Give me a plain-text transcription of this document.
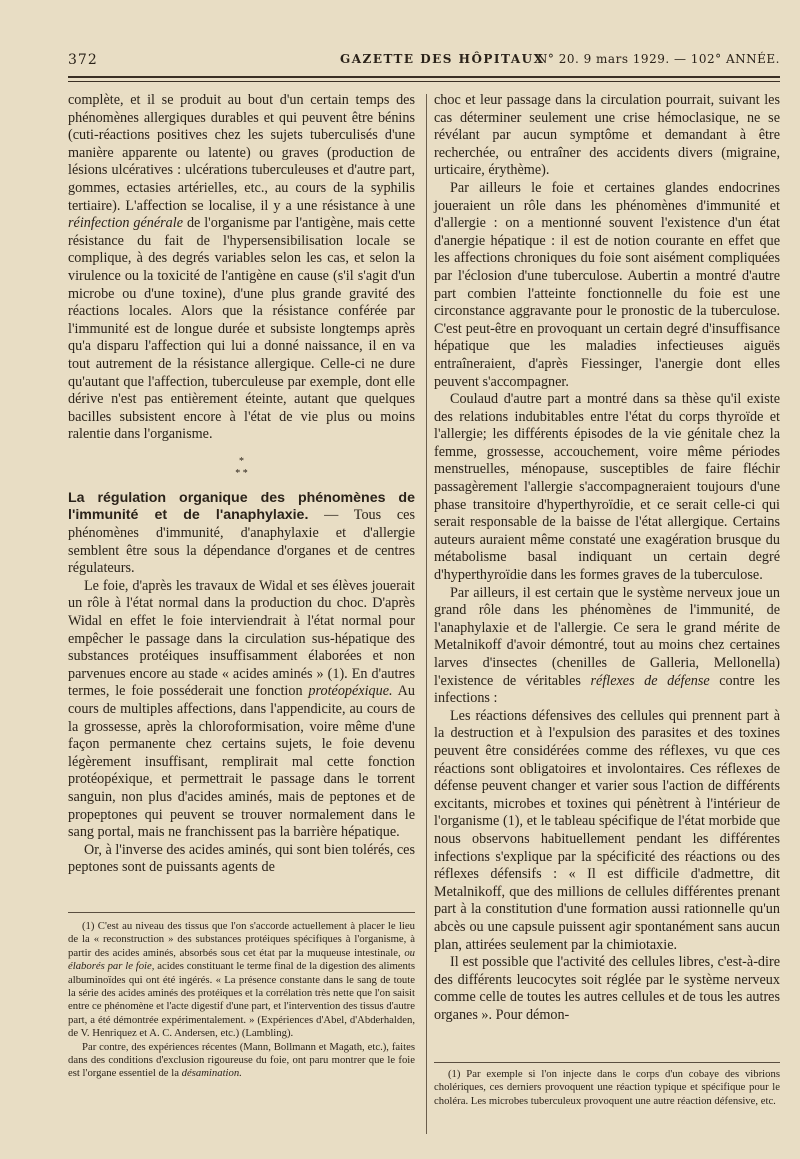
372	GAZETTE DES HÔPITAUX
N° 20. 9 mars 1929. — 102° ANNÉE.

complète, et il se produit au bout d'un certain temps des phénomènes allergiques durables et qui peuvent être bénins (cuti-réactions positives chez les sujets tuberculisés d'une manière apparente ou latente) ou graves (production de lésions ulcératives : ulcérations tuberculeuses et d'autre part, gommes, ectasies artérielles, etc., au cours de la syphilis tertiaire). L'affection se localise, il y a une résistance à une réinfection générale de l'organisme par l'antigène, mais cette résistance du fait de l'hypersensibilisation locale se complique, à des degrés variables selon les cas, et selon la virulence ou la toxicité de l'antigène en cause (s'il s'agit d'un microbe ou d'une toxine), d'une plus grande gravité des réactions locales. Alors que la résistance conférée par l'immunité est de longue durée et subsiste longtemps après qu'a disparu l'affection qui lui a donné naissance, il en va tout autrement de la résistance allergique. Celle-ci ne dure qu'autant que l'affection, tuberculeuse par exemple, dont elle dérive n'est pas entièrement éteinte, autant que quelques bacilles subsistent encore à l'état de vie plus ou moins ralentie dans l'organisme.

*
* *

La régulation organique des phénomènes de l'immunité et de l'anaphylaxie. — Tous ces phénomènes d'immunité, d'anaphylaxie et d'allergie semblent être sous la dépendance d'organes et de centres régulateurs.

Le foie, d'après les travaux de Widal et ses élèves jouerait un rôle à l'état normal dans la production du choc. D'après Widal en effet le foie interviendrait à l'état normal pour empêcher le passage dans la circulation sus-hépatique des substances protéiques insuffisamment élaborées et non parvenues encore au stade « acides aminés » (1). En d'autres termes, le foie posséderait une fonction protéopéxique. Au cours de multiples affections, dans l'appendicite, au cours de la grossesse, après la chloroformisation, voire même d'une façon permanente chez certains sujets, le foie devenu légèrement insuffisant, remplirait mal cette fonction protéopéxique, et permettrait le passage dans le torrent sanguin, non plus d'acides aminés, mais de peptones et de propeptones qui peuvent se trouver normalement dans le sang portal, mais ne franchissent pas la barrière hépatique.

Or, à l'inverse des acides aminés, qui sont bien tolérés, ces peptones sont de puissants agents de

(1) C'est au niveau des tissus que l'on s'accorde actuellement à placer le lieu de la « reconstruction » des substances protéiques spécifiques à l'organisme, à partir des acides aminés, absorbés sous cet état par la muqueuse intestinale, ou élaborés par le foie, acides constituant le terme final de la digestion des aliments albuminoïdes qui ont été ingérés. « La présence constante dans le sang de toute la série des acides aminés des protéiques et la corrélation très nette que l'on saisit entre ce phénomène et l'acte digestif d'une part, et l'intervention des tissus d'autre part, a été démontrée expérimentalement. » (Expériences d'Abel, d'Abderhalden, de V. Henriquez et A. C. Andersen, etc.) (Lambling).

Par contre, des expériences récentes (Mann, Bollmann et Magath, etc.), faites dans des conditions d'exclusion rigoureuse du foie, ont paru montrer que le foie est l'organe essentiel de la désamination.

choc et leur passage dans la circulation pourrait, suivant les cas déterminer seulement une crise hémoclasique, ne se révélant par aucun symptôme et demandant à être recherchée, ou entraîner des accidents divers (migraine, urticaire, érythème).

Par ailleurs le foie et certaines glandes endocrines joueraient un rôle dans les phénomènes d'immunité et d'allergie : on a mentionné souvent l'existence d'un état d'anergie hépatique : il est de notion courante en effet que les affections chroniques du foie sont aisément compliquées par l'éclosion d'une tuberculose. Aubertin a montré d'autre part combien l'atteinte fonctionnelle du foie est une circonstance aggravante pour le pronostic de la tuberculose. C'est peut-être en provoquant un certain degré d'insuffisance hépatique que les maladies infectieuses aiguës entraîneraient, d'après Fiessinger, l'anergie dont elles peuvent s'accompagner.

Coulaud d'autre part a montré dans sa thèse qu'il existe des relations indubitables entre l'état du corps thyroïde et l'allergie; les différents épisodes de la vie génitale chez la femme, grossesse, accouchement, voire même périodes menstruelles, ménopause, susceptibles de faire fléchir passagèrement l'allergie s'accompagneraient toujours d'une phase transitoire d'hyperthyroïdie, et ce serait celle-ci qui serait responsable de la baisse de l'état allergique. Certains auteurs auraient même constaté une exagération brusque du métabolisme basal indiquant un certain degré d'hyperthyroïdie dans les formes graves de la tuberculose.

Par ailleurs, il est certain que le système nerveux joue un grand rôle dans les phénomènes de l'immunité, de l'anaphylaxie et de l'allergie. Ce sera le grand mérite de Metalnikoff d'avoir démontré, tout au moins chez certaines larves d'insectes (chenilles de Galleria, Mellonella) l'existence de véritables réflexes de défense contre les infections :

Les réactions défensives des cellules qui prennent part à la destruction et à l'expulsion des parasites et des toxines peuvent être considérées comme des réflexes, vu que ces réactions sont obligatoires et involontaires. Ces réflexes de défense peuvent changer et varier sous l'action de différents excitants, microbes et toxines qui pénètrent à l'intérieur de l'organisme (1), et le tableau spécifique de l'état morbide que nous observons habituellement pendant les différentes infections s'explique par la spécificité des réactions ou des réflexes défensifs : « Il est difficile d'admettre, dit Metalnikoff, que des millions de cellules différentes prenant part à la constitution d'une formation aussi rationnelle qu'un abcès ou une capsule puissent agir spontanément sans aucun plan, attirées seulement par la chimiotaxie.

Il est possible que l'activité des cellules libres, c'est-à-dire des différents leucocytes soit réglée par le système nerveux comme celle de toutes les autres cellules et de tous les autres organes ». Pour démon-

(1) Par exemple si l'on injecte dans le corps d'un cobaye des vibrions cholériques, ces derniers provoquent une réaction typique et spécifique pour le choléra. Les microbes tuberculeux provoquent une autre réaction défensive, etc.
